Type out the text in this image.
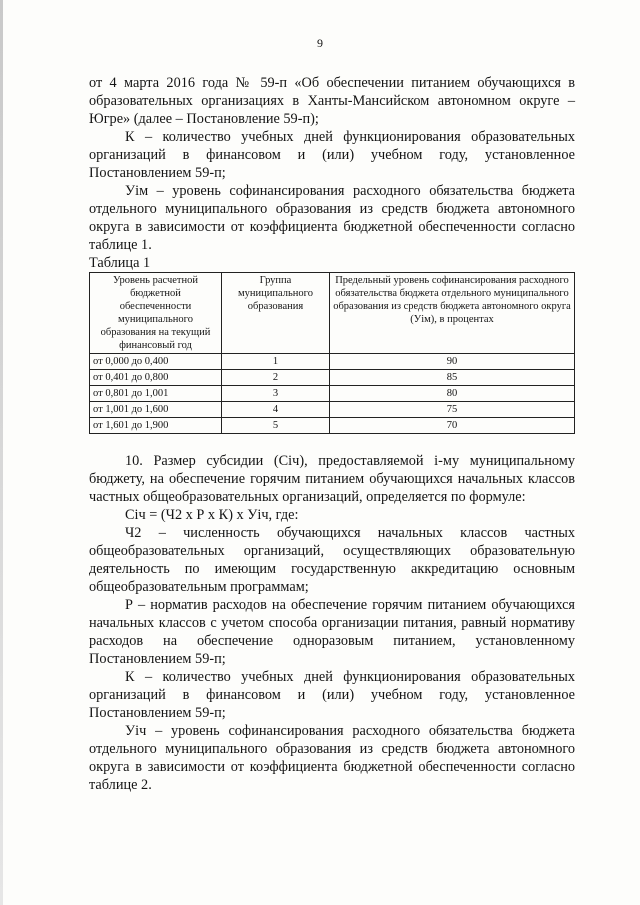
9

от 4 марта 2016 года № 59-п «Об обеспечении питанием обучающихся в образовательных организациях в Ханты-Мансийском автономном округе – Югре» (далее – Постановление 59-п);

К – количество учебных дней функционирования образовательных организаций в финансовом и (или) учебном году, установленное Постановлением 59-п;

Уiм – уровень софинансирования расходного обязательства бюджета отдельного муниципального образования из средств бюджета автономного округа в зависимости от коэффициента бюджетной обеспеченности согласно таблице 1.

Таблица 1

Уровень расчетной бюджетной обеспеченности муниципального образования на текущий финансовый год	Группа муниципального образования	Предельный уровень софинансирования расходного обязательства бюджета отдельного муниципального образования из средств бюджета автономного округа (Уiм), в процентах
от 0,000 до 0,400	1	90
от 0,401 до 0,800	2	85
от 0,801 до 1,001	3	80
от 1,001 до 1,600	4	75
от 1,601 до 1,900	5	70

10. Размер субсидии (Сiч), предоставляемой i-му муниципальному бюджету, на обеспечение горячим питанием обучающихся начальных классов частных общеобразовательных организаций, определяется по формуле:

Сiч = (Ч2 х Р х К) х Уiч, где:

Ч2 – численность обучающихся начальных классов частных общеобразовательных организаций, осуществляющих образовательную деятельность по имеющим государственную аккредитацию основным общеобразовательным программам;

Р – норматив расходов на обеспечение горячим питанием обучающихся начальных классов с учетом способа организации питания, равный нормативу расходов на обеспечение одноразовым питанием, установленному Постановлением 59-п;

К – количество учебных дней функционирования образовательных организаций в финансовом и (или) учебном году, установленное Постановлением 59-п;

Уiч – уровень софинансирования расходного обязательства бюджета отдельного муниципального образования из средств бюджета автономного округа в зависимости от коэффициента бюджетной обеспеченности согласно таблице 2.
